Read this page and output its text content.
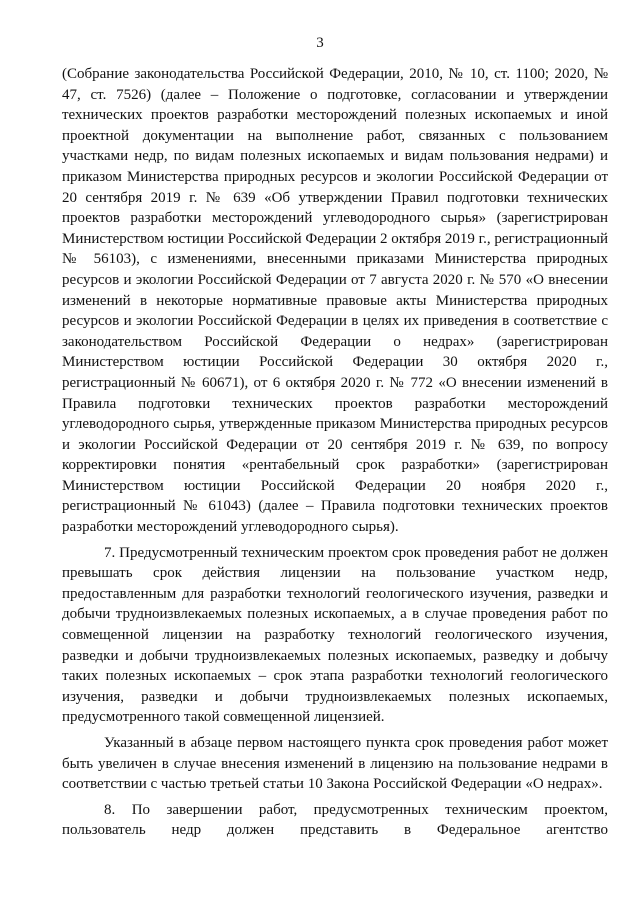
3

(Собрание законодательства Российской Федерации, 2010, № 10, ст. 1100; 2020, № 47, ст. 7526) (далее – Положение о подготовке, согласовании и утверждении технических проектов разработки месторождений полезных ископаемых и иной проектной документации на выполнение работ, связанных с пользованием участками недр, по видам полезных ископаемых и видам пользования недрами) и приказом Министерства природных ресурсов и экологии Российской Федерации от 20 сентября 2019 г. № 639 «Об утверждении Правил подготовки технических проектов разработки месторождений углеводородного сырья» (зарегистрирован Министерством юстиции Российской Федерации 2 октября 2019 г., регистрационный № 56103), с изменениями, внесенными приказами Министерства природных ресурсов и экологии Российской Федерации от 7 августа 2020 г. № 570 «О внесении изменений в некоторые нормативные правовые акты Министерства природных ресурсов и экологии Российской Федерации в целях их приведения в соответствие с законодательством Российской Федерации о недрах» (зарегистрирован Министерством юстиции Российской Федерации 30 октября 2020 г., регистрационный № 60671), от 6 октября 2020 г. № 772 «О внесении изменений в Правила подготовки технических проектов разработки месторождений углеводородного сырья, утвержденные приказом Министерства природных ресурсов и экологии Российской Федерации от 20 сентября 2019 г. № 639, по вопросу корректировки понятия «рентабельный срок разработки» (зарегистрирован Министерством юстиции Российской Федерации 20 ноября 2020 г., регистрационный № 61043) (далее – Правила подготовки технических проектов разработки месторождений углеводородного сырья).

7. Предусмотренный техническим проектом срок проведения работ не должен превышать срок действия лицензии на пользование участком недр, предоставленным для разработки технологий геологического изучения, разведки и добычи трудноизвлекаемых полезных ископаемых, а в случае проведения работ по совмещенной лицензии на разработку технологий геологического изучения, разведки и добычи трудноизвлекаемых полезных ископаемых, разведку и добычу таких полезных ископаемых – срок этапа разработки технологий геологического изучения, разведки и добычи трудноизвлекаемых полезных ископаемых, предусмотренного такой совмещенной лицензией.

Указанный в абзаце первом настоящего пункта срок проведения работ может быть увеличен в случае внесения изменений в лицензию на пользование недрами в соответствии с частью третьей статьи 10 Закона Российской Федерации «О недрах».

8. По завершении работ, предусмотренных техническим проектом, пользователь недр должен представить в Федеральное агентство
